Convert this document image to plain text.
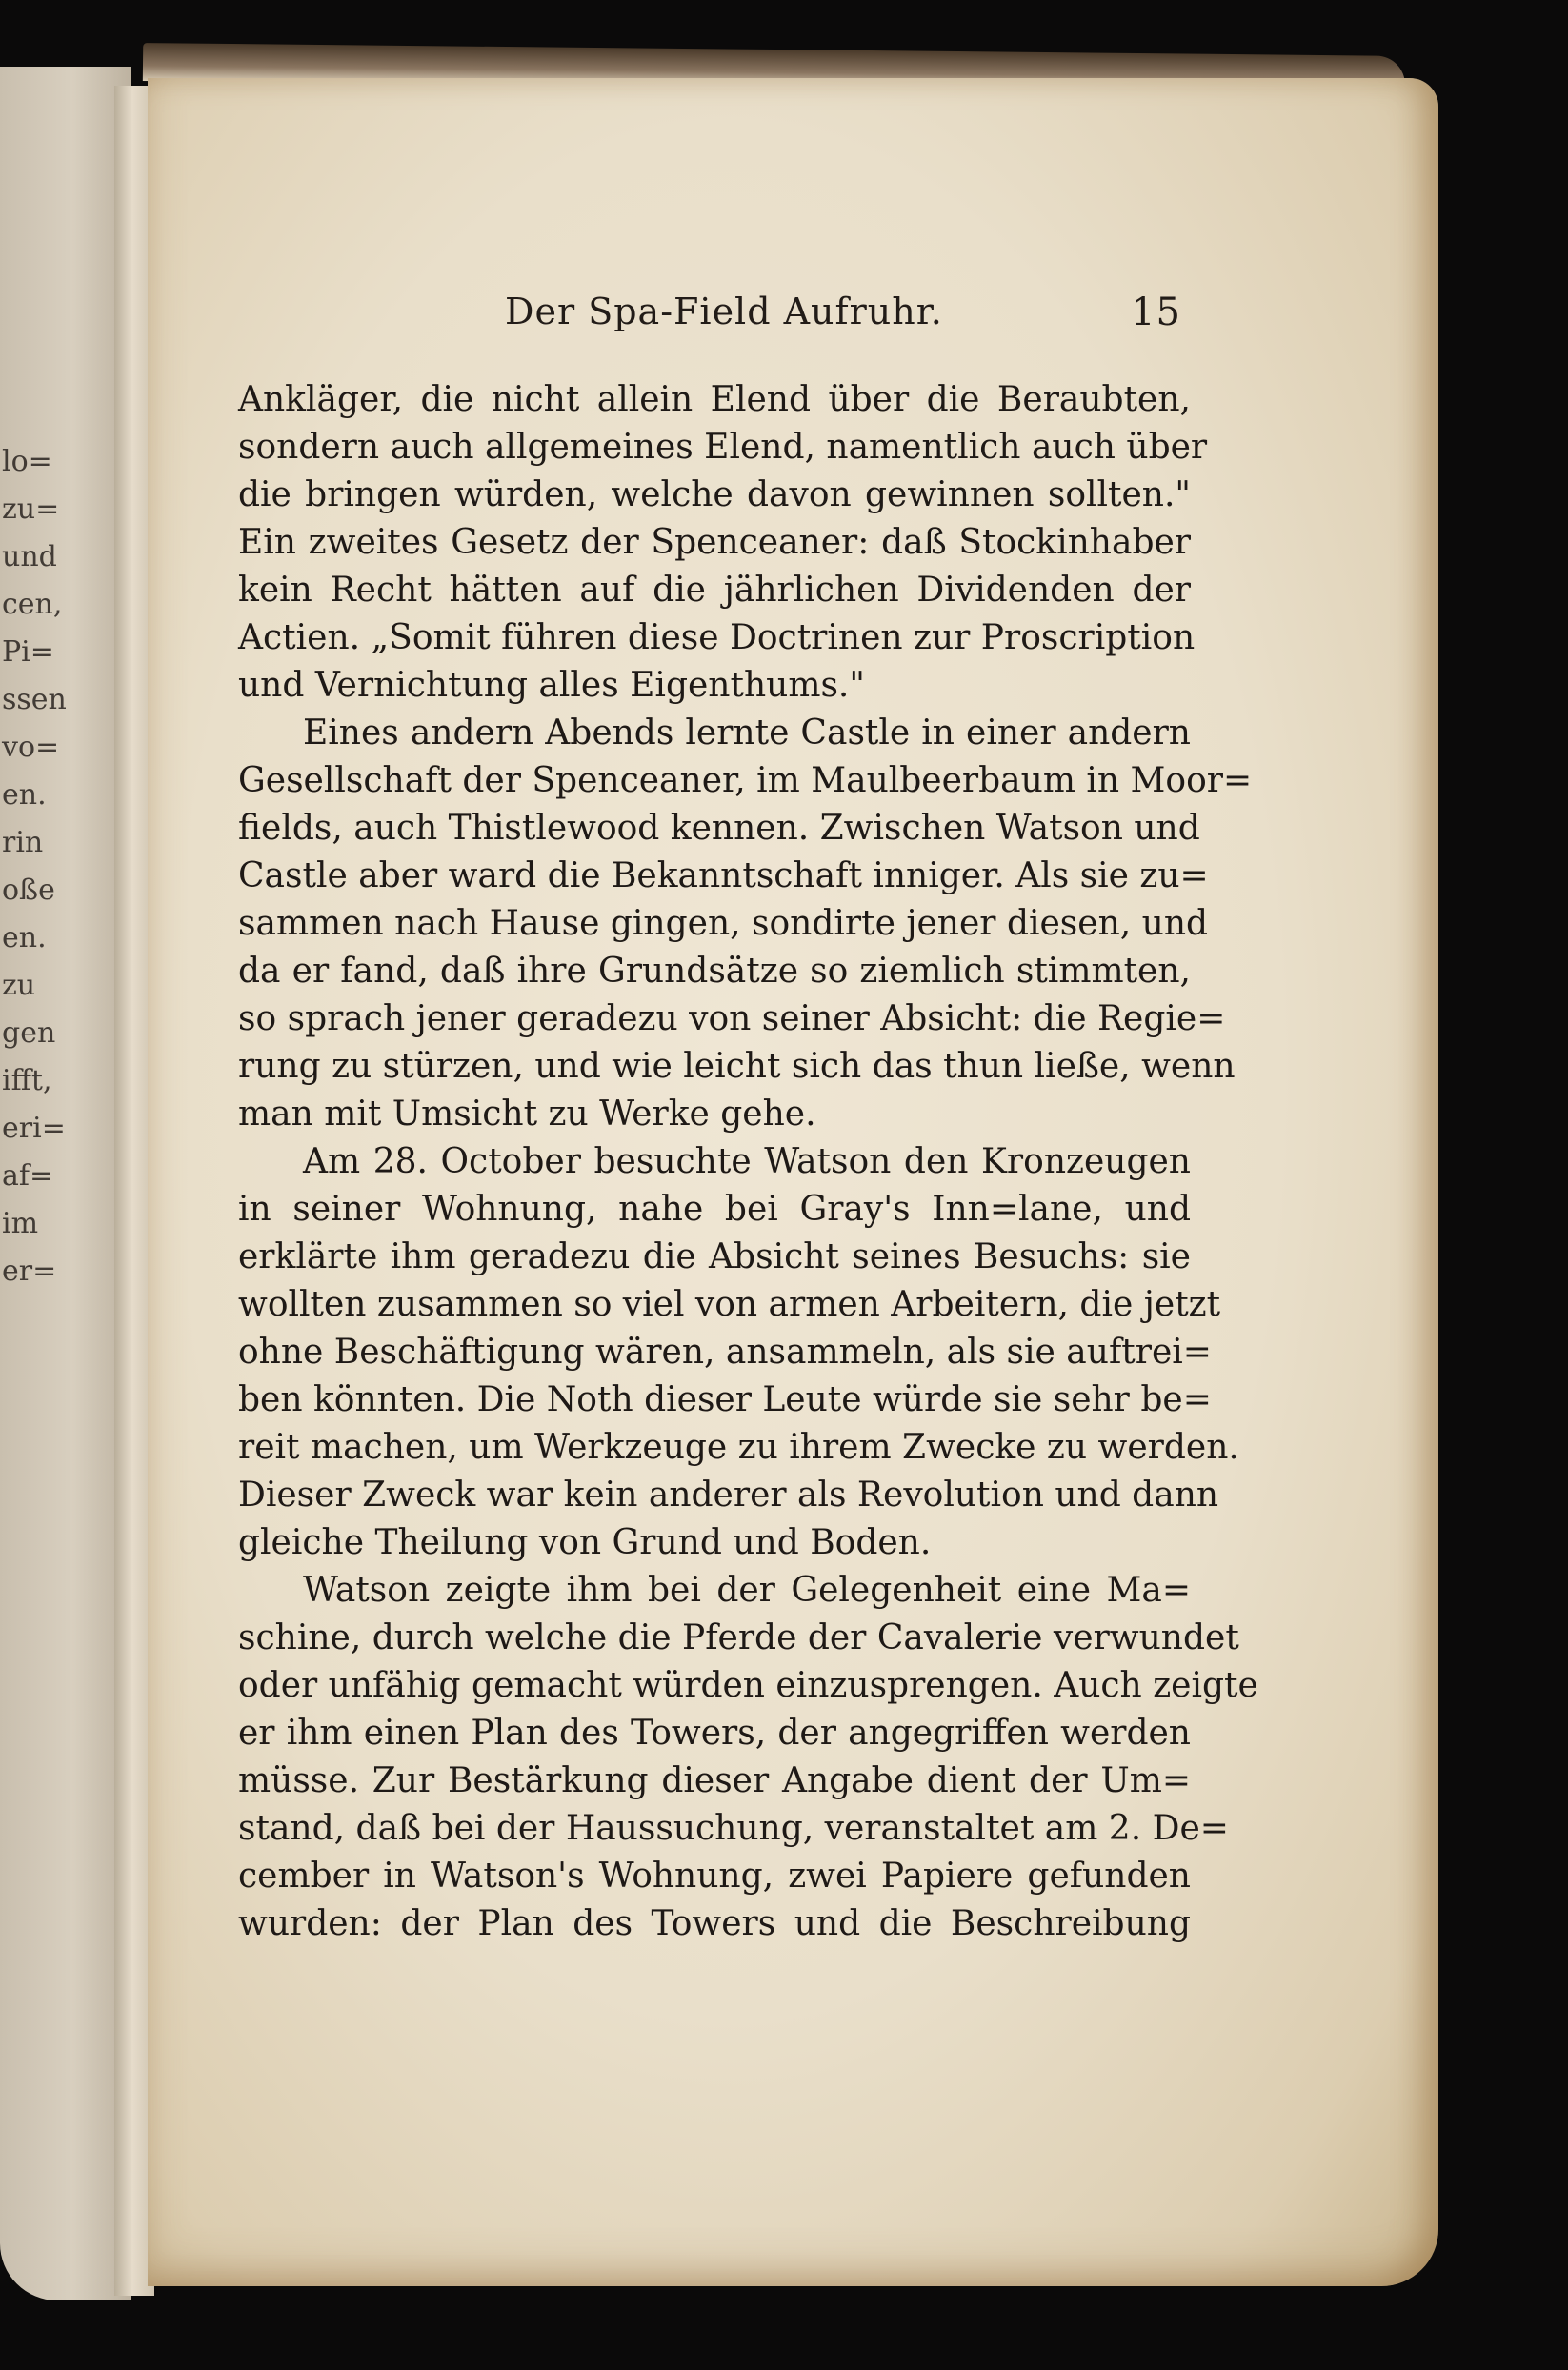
lo=
zu=
und
cen,
Pi=
ssen
vo=
en.
rin
oße
en.
zu
gen
ifft,
eri=
af=
im
er=
Der Spa-Field Aufruhr.	15
Ankläger, die nicht allein Elend über die Beraubten,
sondern auch allgemeines Elend, namentlich auch über
die bringen würden, welche davon gewinnen sollten."
Ein zweites Gesetz der Spenceaner: daß Stockinhaber
kein Recht hätten auf die jährlichen Dividenden der
Actien. „Somit führen diese Doctrinen zur Proscription
und Vernichtung alles Eigenthums."
Eines andern Abends lernte Castle in einer andern
Gesellschaft der Spenceaner, im Maulbeerbaum in Moor=
fields, auch Thistlewood kennen. Zwischen Watson und
Castle aber ward die Bekanntschaft inniger. Als sie zu=
sammen nach Hause gingen, sondirte jener diesen, und
da er fand, daß ihre Grundsätze so ziemlich stimmten,
so sprach jener geradezu von seiner Absicht: die Regie=
rung zu stürzen, und wie leicht sich das thun ließe, wenn
man mit Umsicht zu Werke gehe.
Am 28. October besuchte Watson den Kronzeugen
in seiner Wohnung, nahe bei Gray's Inn=lane, und
erklärte ihm geradezu die Absicht seines Besuchs: sie
wollten zusammen so viel von armen Arbeitern, die jetzt
ohne Beschäftigung wären, ansammeln, als sie auftrei=
ben könnten. Die Noth dieser Leute würde sie sehr be=
reit machen, um Werkzeuge zu ihrem Zwecke zu werden.
Dieser Zweck war kein anderer als Revolution und dann
gleiche Theilung von Grund und Boden.
Watson zeigte ihm bei der Gelegenheit eine Ma=
schine, durch welche die Pferde der Cavalerie verwundet
oder unfähig gemacht würden einzusprengen. Auch zeigte
er ihm einen Plan des Towers, der angegriffen werden
müsse. Zur Bestärkung dieser Angabe dient der Um=
stand, daß bei der Haussuchung, veranstaltet am 2. De=
cember in Watson's Wohnung, zwei Papiere gefunden
wurden: der Plan des Towers und die Beschreibung
